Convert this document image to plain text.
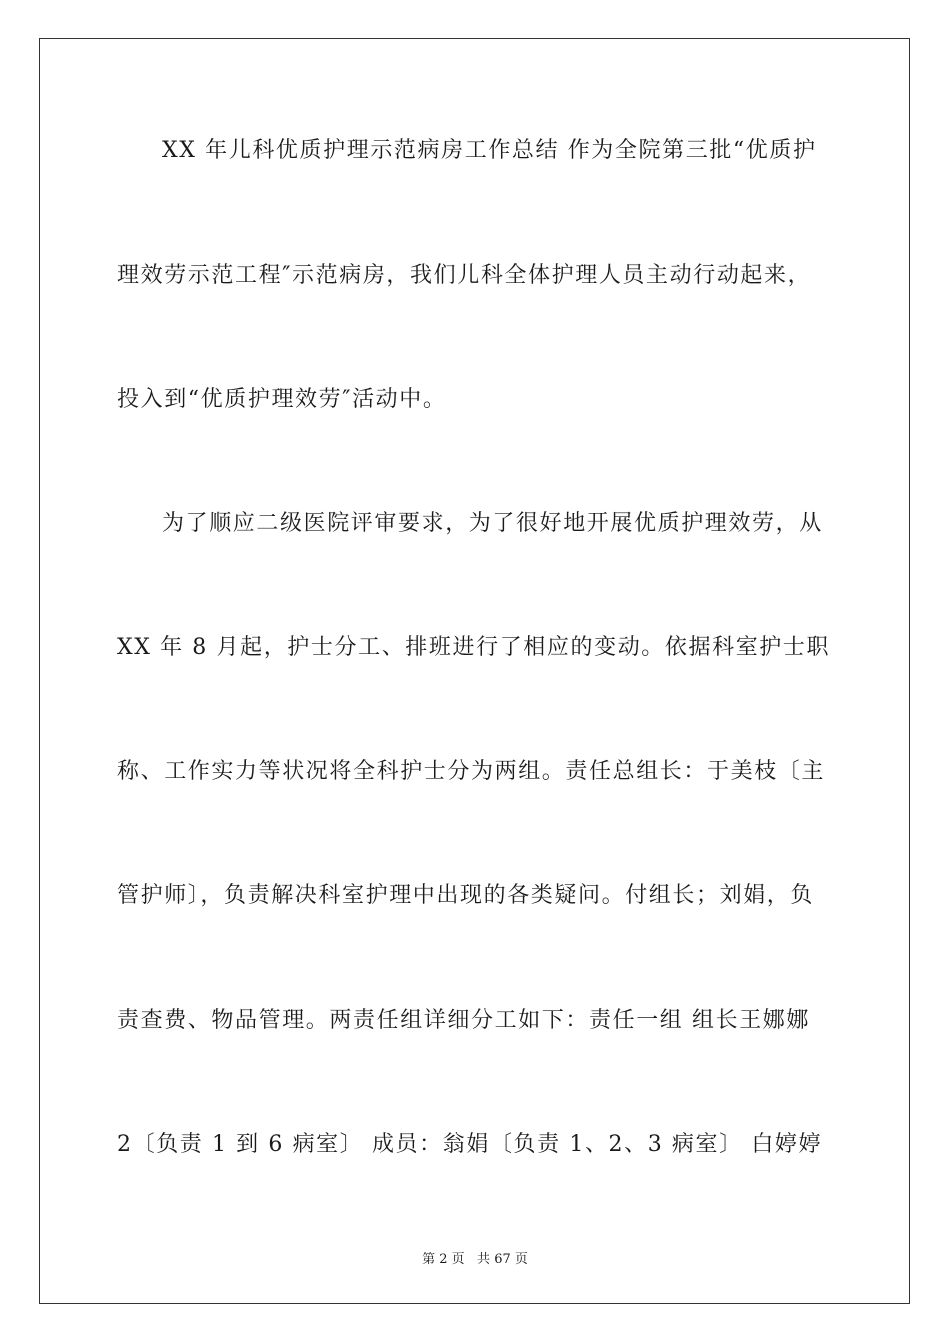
XX 年儿科优质护理示范病房工作总结 作为全院第三批“优质护
理效劳示范工程″示范病房，我们儿科全体护理人员主动行动起来，
投入到“优质护理效劳″活动中。
为了顺应二级医院评审要求，为了很好地开展优质护理效劳，从
XX 年 8 月起，护士分工、排班进行了相应的变动。依据科室护士职
称、工作实力等状况将全科护士分为两组。责任总组长：于美枝〔主
管护师〕，负责解决科室护理中出现的各类疑问。付组长；刘娟，负
责查费、物品管理。两责任组详细分工如下：责任一组 组长王娜娜
2〔负责 1 到 6 病室〕 成员：翁娟〔负责 1、2、3 病室〕 白婷婷
第 2 页   共 67 页
